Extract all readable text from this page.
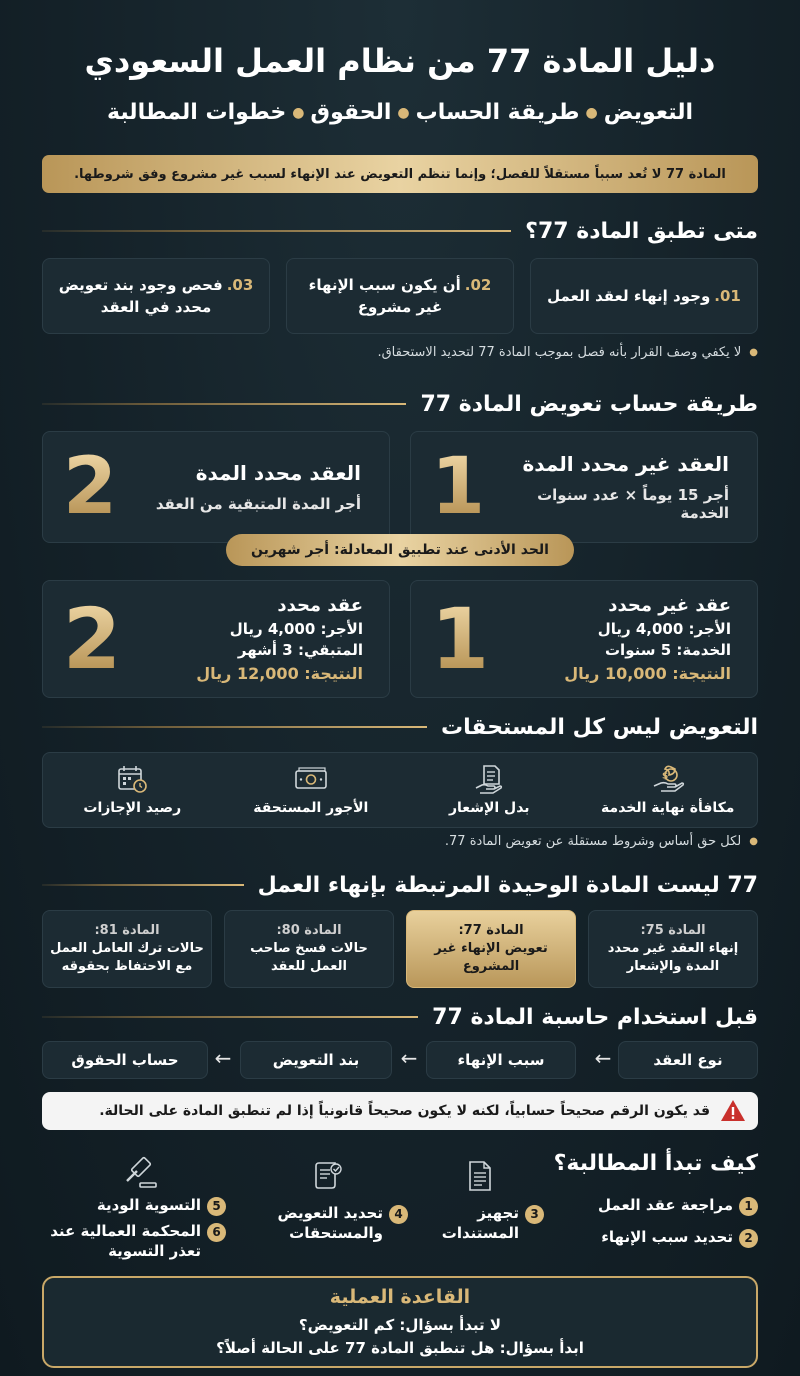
دليل المادة 77 من نظام العمل السعودي
التعويض●طريقة الحساب●الحقوق●خطوات المطالبة
المادة 77 لا تُعد سبباً مستقلاً للفصل؛ وإنما تنظم التعويض عند الإنهاء لسبب غير مشروع وفق شروطها.
متى تطبق المادة 77؟
01.وجود إنهاء لعقد العمل
02.أن يكون سبب الإنهاء غير مشروع
03.فحص وجود بند تعويض محدد في العقد
●
لا يكفي وصف القرار بأنه فصل بموجب المادة 77 لتحديد الاستحقاق.
طريقة حساب تعويض المادة 77
العقد غير محدد المدة
أجر 15 يوماً × عدد سنوات الخدمة
1
العقد محدد المدة
أجر المدة المتبقية من العقد
2
الحد الأدنى عند تطبيق المعادلة: أجر شهرين
عقد غير محدد
الأجر: 4,000 ريال
الخدمة: 5 سنوات
النتيجة: 10,000 ريال
1
عقد محدد
الأجر: 4,000 ريال
المتبقي: 3 أشهر
النتيجة: 12,000 ريال
2
التعويض ليس كل المستحقات
$
مكافأة نهاية الخدمة
بدل الإشعار
الأجور المستحقة
رصيد الإجازات
●
لكل حق أساس وشروط مستقلة عن تعويض المادة 77.
77 ليست المادة الوحيدة المرتبطة بإنهاء العمل
المادة 75:
إنهاء العقد غير محدد المدة والإشعار
المادة 77:
تعويض الإنهاء غير المشروع
المادة 80:
حالات فسخ صاحب العمل للعقد
المادة 81:
حالات ترك العامل العمل مع الاحتفاظ بحقوقه
قبل استخدام حاسبة المادة 77
نوع العقد
←
سبب الإنهاء
←
بند التعويض
←
حساب الحقوق
قد يكون الرقم صحيحاً حسابياً، لكنه لا يكون صحيحاً قانونياً إذا لم تنطبق المادة على الحالة.
كيف تبدأ المطالبة؟
1
مراجعة عقد العمل
2
تحديد سبب الإنهاء
3
تجهيز المستندات
4
تحديد التعويض والمستحقات
5
التسوية الودية
6
المحكمة العمالية عند تعذر التسوية
القاعدة العملية
لا تبدأ بسؤال: كم التعويض؟
ابدأ بسؤال: هل تنطبق المادة 77 على الحالة أصلاً؟
